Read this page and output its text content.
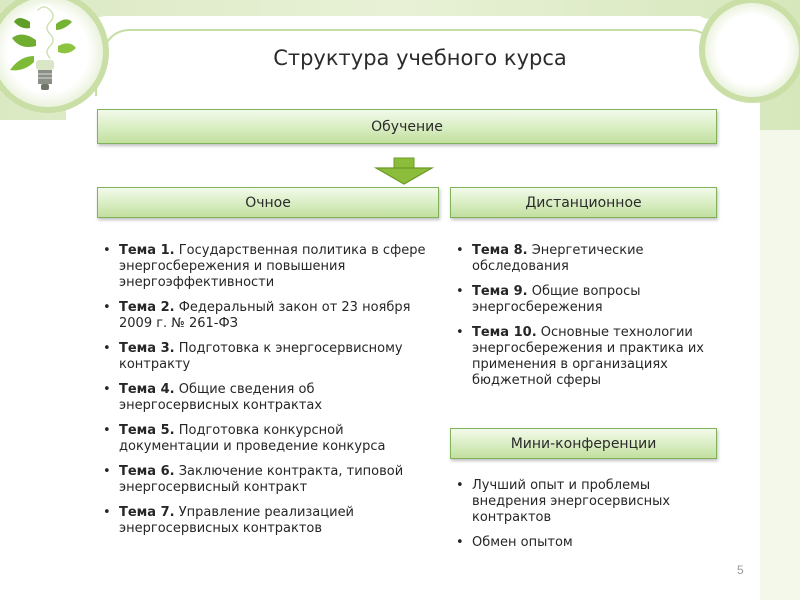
Структура учебного курса
Обучение
Очное	Дистанционное
Мини-конференции
• Тема 1. Государственная политика в сфере энергосбережения и повышения энергоэффективности
• Тема 2. Федеральный закон от 23 ноября 2009 г. № 261-ФЗ
• Тема 3. Подготовка к энергосервисному контракту
• Тема 4. Общие сведения об энергосервисных контрактах
• Тема 5. Подготовка конкурсной документации и проведение конкурса
• Тема 6. Заключение контракта, типовой энергосервисный контракт
• Тема 7. Управление реализацией энергосервисных контрактов
• Тема 8. Энергетические обследования
• Тема 9. Общие вопросы энергосбережения
• Тема 10. Основные технологии энергосбережения и практика их применения в организациях бюджетной сферы
• Лучший опыт и проблемы внедрения энергосервисных контрактов
• Обмен опытом
5
